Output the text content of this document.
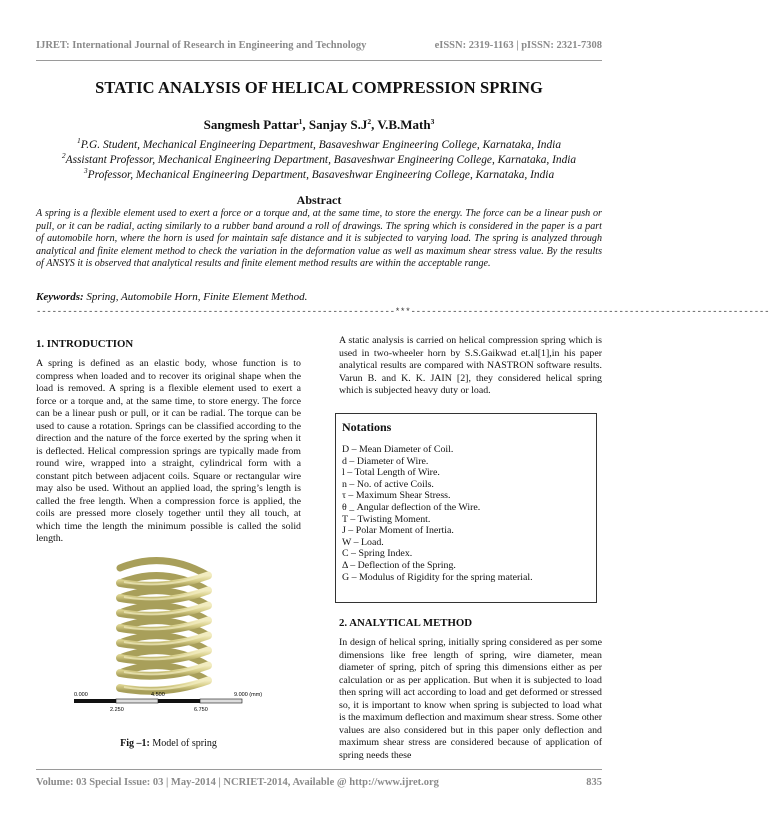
IJRET: International Journal of Research in Engineering and Technology	eISSN: 2319-1163 | pISSN: 2321-7308
STATIC ANALYSIS OF HELICAL COMPRESSION SPRING
Sangmesh Pattar$^1$, Sanjay $S.J^2$, V.B.Math$^3$
$^1$P.G. Student, Mechanical Engineering Department, Basaveshwar Engineering College, Karnataka, India
$^2$Assistant Professor, Mechanical Engineering Department, Basaveshwar Engineering College, Karnataka, India
$^3$Professor, Mechanical Engineering Department, Basaveshwar Engineering College, Karnataka, India
Abstract
A spring is a flexible element used to exert a force or a torque and, at the same time, to store the energy. The force can be a linear push or pull, or it can be radial, acting similarly to a rubber band around a roll of drawings. The spring which is considered in the paper is a part of automobile horn, where the horn is used for maintain safe distance and it is subjected to varying load. The spring is analyzed through analytical and finite element method to check the variation in the deformation value as well as maximum shear stress value. By the results of ANSYS it is observed that analytical results and finite element method results are within the acceptable range.
Keywords: Spring, Automobile Horn, Finite Element Method.
---------------------------------------------------------------------***---------------------------------------------------------------------
1. INTRODUCTION

A spring is defined as an elastic body, whose function is to compress when loaded and to recover its original shape when the load is removed. A spring is a flexible element used to exert a force or a torque and, at the same time, to store energy. The force can be a linear push or pull, or it can be radial. The torque can be used to cause a rotation. Springs can be classified according to the direction and the nature of the force exerted by the spring when it is deflected. Helical compression springs are typically made from round wire, wrapped into a straight, cylindrical form with a constant pitch between adjacent coils. Square or rectangular wire may also be used. Without an applied load, the spring’s length is called the free length. When a compression force is applied, the coils are pressed more closely together until they all touch, at which time the length the minimum possible is called the solid length.

0.000	4.500	9.000 (mm)
2.250	6.750
Fig –1: Model of spring

A static analysis is carried on helical compression spring which is used in two-wheeler horn by S.S.Gaikwad et.al[1],in his paper analytical results are compared with NASTRON software results. Varun B. and K. K. JAIN [2], they considered helical spring which is subjected heavy duty or load.

Notations
D – Mean Diameter of Coil.
d – Diameter of Wire.
l – Total Length of Wire.
n – No. of active Coils.
τ – Maximum Shear Stress.
θ _ Angular deflection of the Wire.
T – Twisting Moment.
J – Polar Moment of Inertia.
W – Load.
C – Spring Index.
Δ – Deflection of the Spring.
G – Modulus of Rigidity for the spring material.
2. ANALYTICAL METHOD

In design of helical spring, initially spring considered as per some dimensions like free length of spring, wire diameter, mean diameter of spring, pitch of spring this dimensions either as per calculation or as per application. But when it is subjected to load then spring will act according to load and get deformed or stressed so, it is important to know when spring is subjected to load what is the maximum deflection and maximum shear stress. Some other values are also considered but in this paper only deflection and maximum shear stress are considered because of application of spring needs these

Volume: 03 Special Issue: 03 | May-2014 | NCRIET-2014, Available @ http://www.ijret.org	835
